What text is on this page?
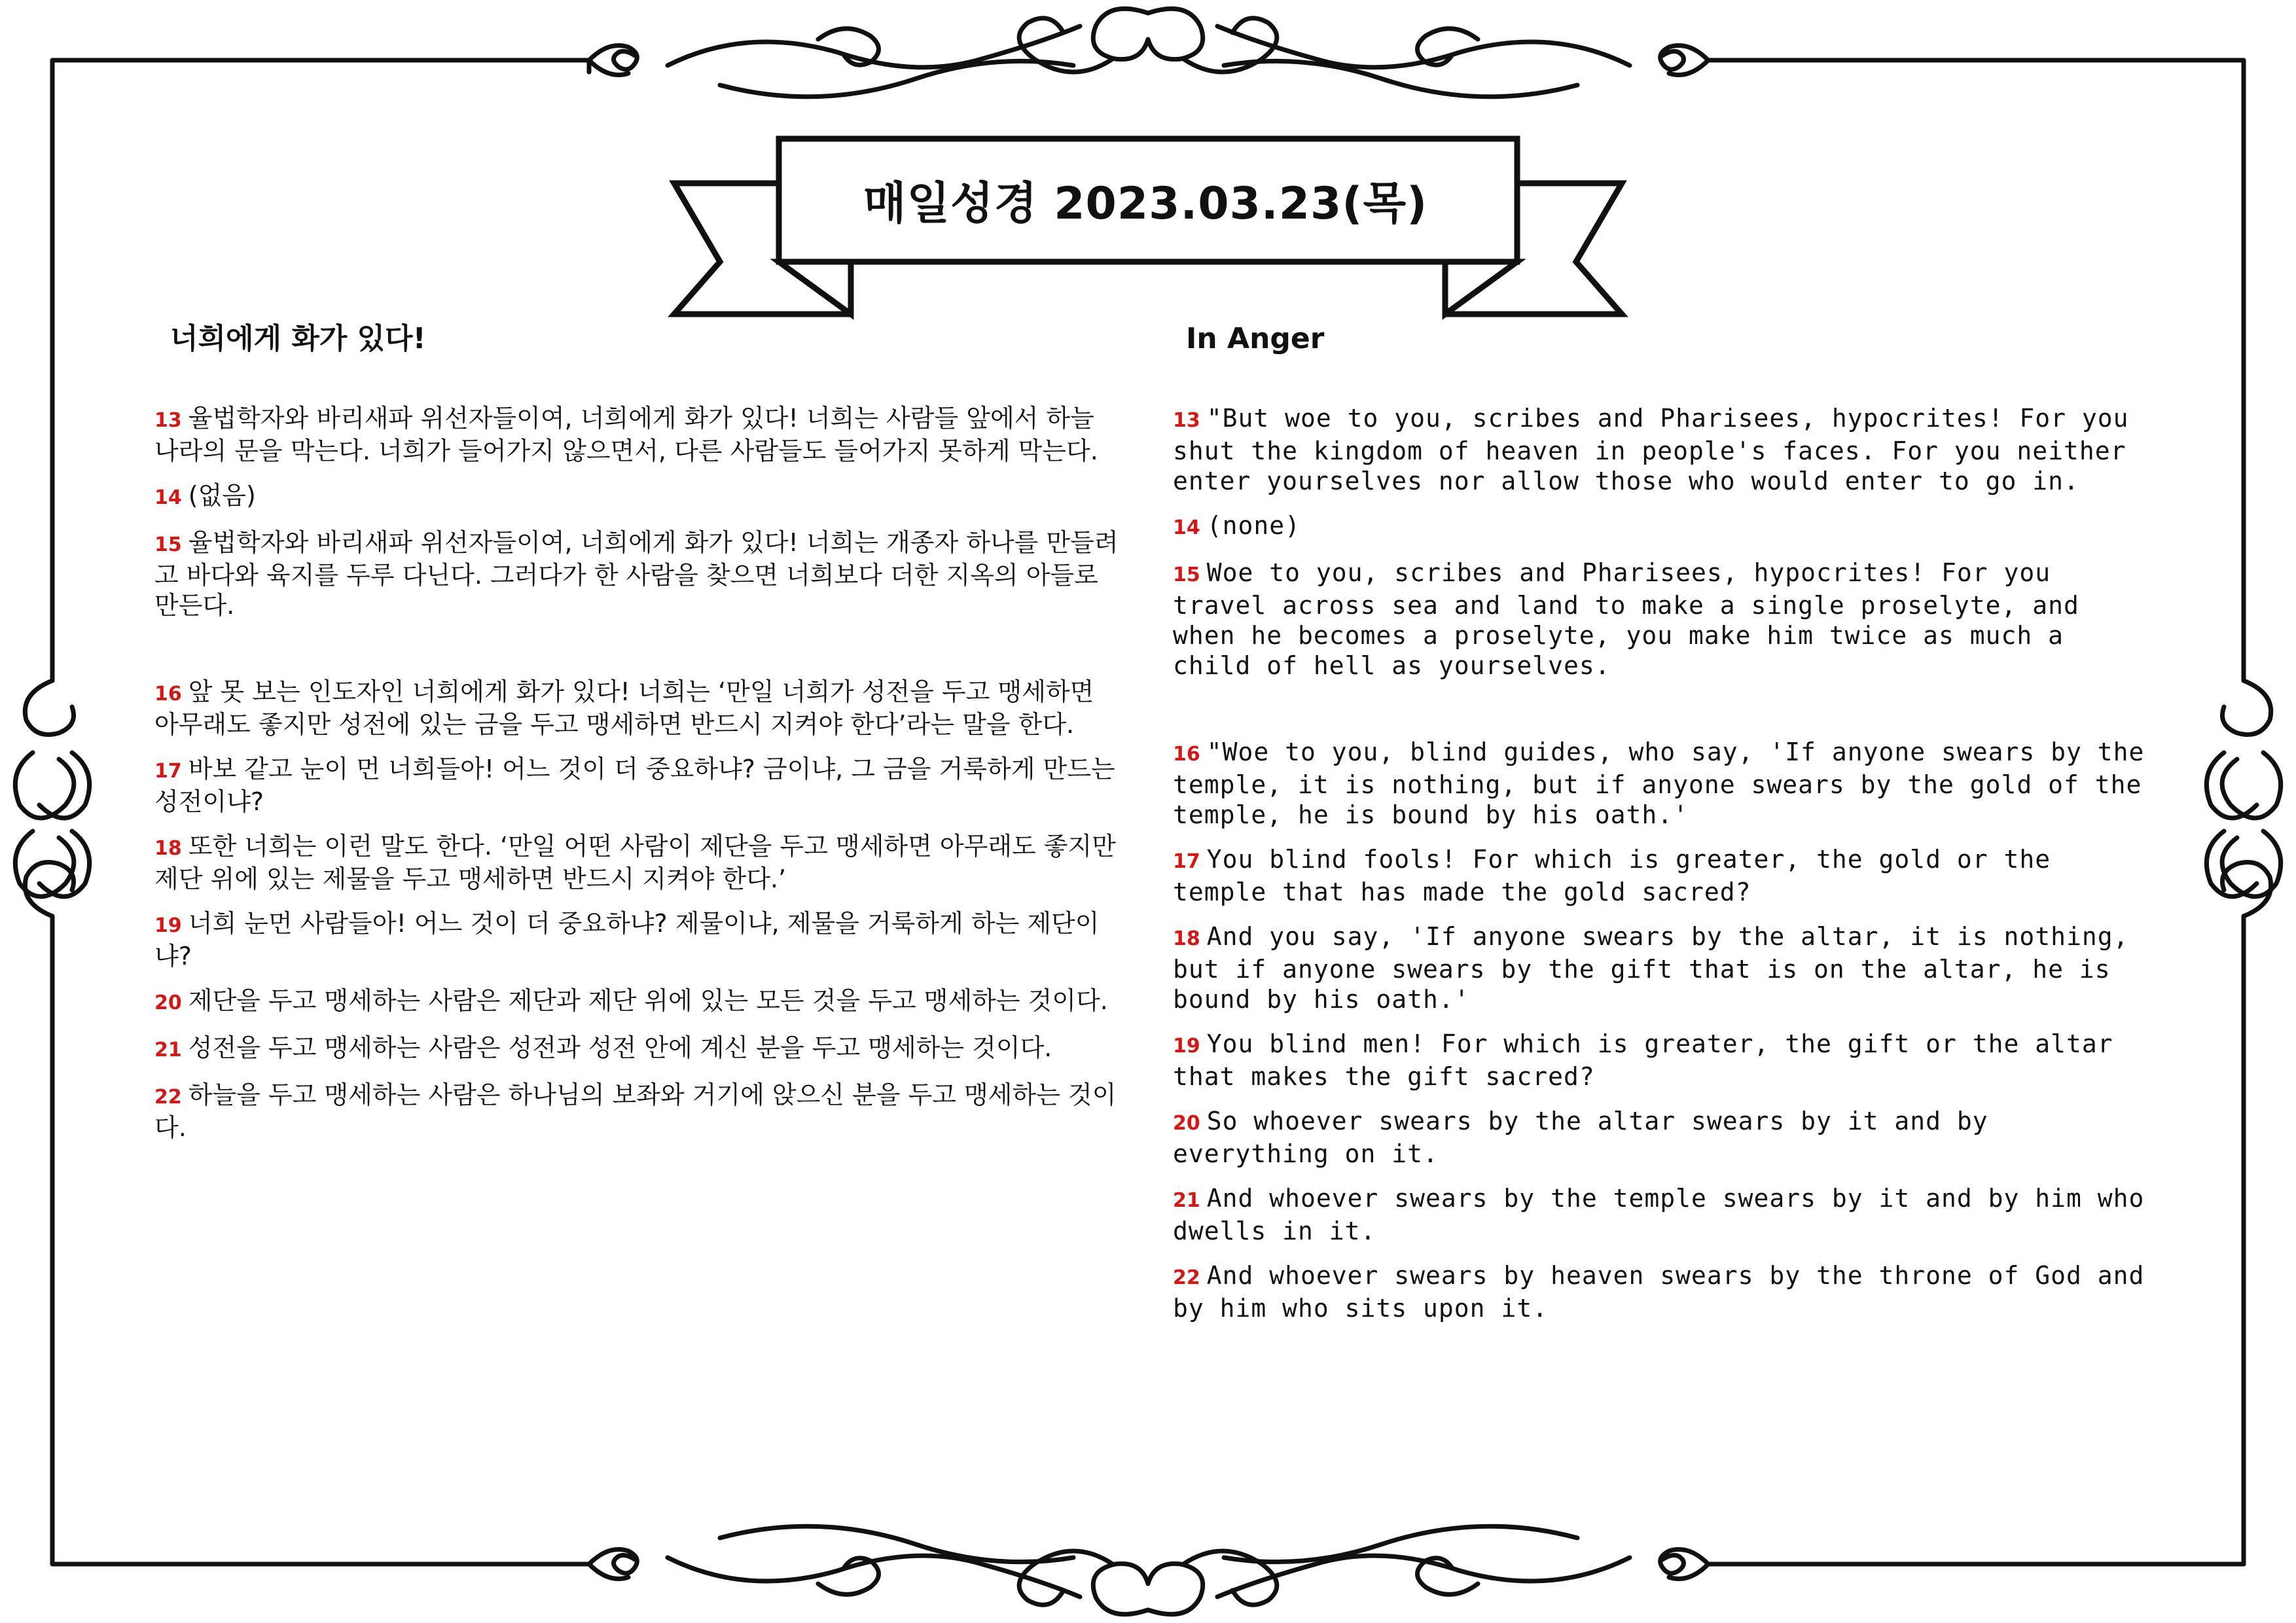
매일성경 2023.03.23(목)
너희에게 화가 있다!
13 율법학자와 바리새파 위선자들이여, 너희에게 화가 있다! 너희는 사람들 앞에서 하늘 나라의 문을 막는다. 너희가 들어가지 않으면서, 다른 사람들도 들어가지 못하게 막는다.
14 (없음)
15 율법학자와 바리새파 위선자들이여, 너희에게 화가 있다! 너희는 개종자 하나를 만들려고 바다와 육지를 두루 다닌다. 그러다가 한 사람을 찾으면 너희보다 더한 지옥의 아들로 만든다.
16 앞 못 보는 인도자인 너희에게 화가 있다! 너희는 ‘만일 너희가 성전을 두고 맹세하면 아무래도 좋지만 성전에 있는 금을 두고 맹세하면 반드시 지켜야 한다’라는 말을 한다.
17 바보 같고 눈이 먼 너희들아! 어느 것이 더 중요하냐? 금이냐, 그 금을 거룩하게 만드는 성전이냐?
18 또한 너희는 이런 말도 한다. ‘만일 어떤 사람이 제단을 두고 맹세하면 아무래도 좋지만 제단 위에 있는 제물을 두고 맹세하면 반드시 지켜야 한다.’
19 너희 눈먼 사람들아! 어느 것이 더 중요하냐? 제물이냐, 제물을 거룩하게 하는 제단이냐?
20 제단을 두고 맹세하는 사람은 제단과 제단 위에 있는 모든 것을 두고 맹세하는 것이다.
21 성전을 두고 맹세하는 사람은 성전과 성전 안에 계신 분을 두고 맹세하는 것이다.
22 하늘을 두고 맹세하는 사람은 하나님의 보좌와 거기에 앉으신 분을 두고 맹세하는 것이다.
In Anger
13 "But woe to you, scribes and Pharisees, hypocrites! For you shut the kingdom of heaven in people's faces. For you neither enter yourselves nor allow those who would enter to go in.
14 (none)
15 Woe to you, scribes and Pharisees, hypocrites! For you travel across sea and land to make a single proselyte, and when he becomes a proselyte, you make him twice as much a child of hell as yourselves.
16 "Woe to you, blind guides, who say, 'If anyone swears by the temple, it is nothing, but if anyone swears by the gold of the temple, he is bound by his oath.'
17 You blind fools! For which is greater, the gold or the temple that has made the gold sacred?
18 And you say, 'If anyone swears by the altar, it is nothing, but if anyone swears by the gift that is on the altar, he is bound by his oath.'
19 You blind men! For which is greater, the gift or the altar that makes the gift sacred?
20 So whoever swears by the altar swears by it and by everything on it.
21 And whoever swears by the temple swears by it and by him who dwells in it.
22 And whoever swears by heaven swears by the throne of God and by him who sits upon it.
